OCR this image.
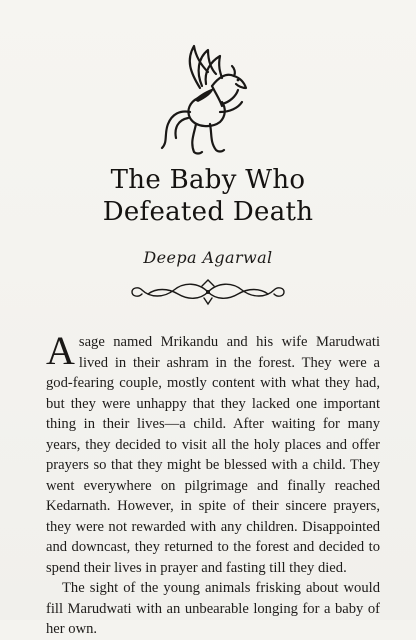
The Baby Who
Defeated Death
Deepa Agarwal

Asage named Mrikandu and his wife Marudwati lived in their ashram in the forest. They were a god-fearing couple, mostly content with what they had, but they were unhappy that they lacked one important thing in their lives—a child. After waiting for many years, they decided to visit all the holy places and offer prayers so that they might be blessed with a child. They went everywhere on pilgrimage and finally reached Kedarnath. However, in spite of their sincere prayers, they were not rewarded with any children. Disappointed and downcast, they returned to the forest and decided to spend their lives in prayer and fasting till they died.

The sight of the young animals frisking about would fill Marudwati with an unbearable longing for a baby of her own.
